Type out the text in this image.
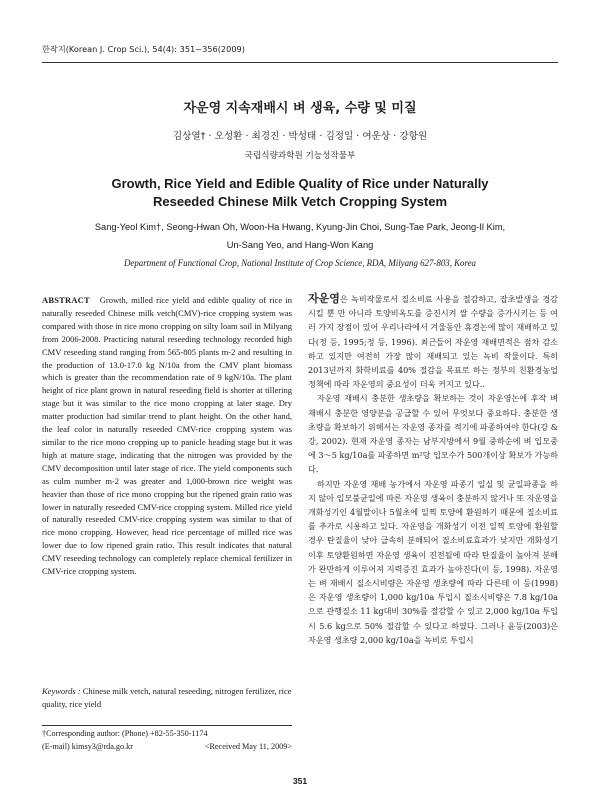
한작지(Korean J. Crop Sci.), 54(4): 351~356(2009)
자운영 지속재배시 벼 생육, 수량 및 미질
김상열† · 오성환 · 최경진 · 박성태 · 김정일 · 여운상 · 강항원
국립식량과학원 기능성작물부
Growth, Rice Yield and Edible Quality of Rice under Naturally
Reseeded Chinese Milk Vetch Cropping System
Sang-Yeol Kim†, Seong-Hwan Oh, Woon-Ha Hwang, Kyung-Jin Choi, Sung-Tae Park, Jeong-Il Kim,
Un-Sang Yeo, and Hang-Won Kang
Department of Functional Crop, National Institute of Crop Science, RDA, Milyang 627-803, Korea
ABSTRACT Growth, milled rice yield and edible quality of rice in naturally reseeded Chinese milk vetch(CMV)-rice cropping system was compared with those in rice mono cropping on silty loam soil in Milyang from 2006-2008. Practicing natural reseeding technology recorded high CMV reseeding stand ranging from 565-805 plants m-2 and resulting in the production of 13.0-17.0 kg N/10a from the CMV plant biomass which is greater than the recommendation rate of 9 kgN/10a. The plant height of rice plant grown in natural reseeding field is shorter at tillering stage but it was similar to the rice mono cropping at later stage. Dry matter production had similar trend to plant height. On the other hand, the leaf color in naturally reseeded CMV-rice cropping system was similar to the rice mono cropping up to panicle heading stage but it was high at mature stage, indicating that the nitrogen was provided by the CMV decomposition until later stage of rice. The yield components such as culm number m-2 was greater and 1,000-brown rice weight was heavier than those of rice mono cropping but the ripened grain ratio was lower in naturally reseeded CMV-rice cropping system. Milled rice yield of naturally reseeded CMV-rice cropping system was similar to that of rice mono cropping. However, head rice percentage of milled rice was lower due to low ripened grain ratio. This result indicates that natural CMV reseeding technology can completely replace chemical fertilizer in CMV-rice cropping system.
Keywords : Chinese milk vetch, natural reseeding, nitrogen fertilizer, rice quality, rice yield
†Corresponding author: (Phone) +82-55-350-1174
(E-mail) kimsy3@rda.go.kr	<Received May 11, 2009>

자운영은 녹비작물로서 질소비료 사용을 절감하고, 잡초발생을 경감시킬 뿐 만 아니라 토양비옥도를 증진시켜 쌀 수량을 증가시키는 등 여러 가지 장점이 있어 우리나라에서 겨울동안 휴경논에 많이 재배하고 있다(정 등, 1995;정 등, 1996). 최근들어 자운영 재배면적은 점차 감소하고 있지만 여전히 가장 많이 재배되고 있는 녹비 작물이다. 특히 2013년까지 화학비료를 40% 절감을 목표로 하는 정부의 친환경농업정책에 따라 자운영의 중요성이 더욱 커지고 있다..

자운영 재배시 충분한 생초량을 확보하는 것이 자운영논에 후작 벼 재배시 충분한 영양분을 공급할 수 있어 무엇보다 중요하다. 충분한 생초량을 확보하기 위해서는 자운영 종자를 적기에 파종하여야 한다(강 & 강, 2002). 현재 자운영 종자는 남부지방에서 9월 중하순에 벼 입모중에 3～5 kg/10a를 파종하면 m²당 입모수가 500개이상 확보가 가능하다.

하지만 자운영 재배 농가에서 자운영 파종기 일실 및 균일파종을 하지 않아 입모불균일에 따른 자운영 생육이 충분하지 않거나 또 자운영을 개화성기인 4월말이나 5월초에 일찍 토양에 환원하기 때문에 질소비료를 추가로 시용하고 있다. 자운영을 개화성기 이전 일찍 토양에 환원할 경우 탄질율이 낮아 급속히 분해되어 질소비료효과가 낮지만 개화성기이후 토양환원하면 자운영 생육이 진전될에 따라 탄질율이 높아져 분해가 완만하게 이루어져 지력증진 효과가 높아진다(이 등, 1998). 자운영는 벼 재배시 질소시비량은 자운영 생초량에 따라 다른데 이 등(1998)은 자운영 생초량이 1,000 kg/10a 투입시 질소시비량은 7.8 kg/10a으로 관행질소 11 kg대비 30%를 절감할 수 있고 2,000 kg/10a 투입시 5.6 kg으로 50% 절감할 수 있다고 하였다. 그러나 윤등(2003)은 자운영 생초량 2,000 kg/10a을 녹비로 투입시

351
